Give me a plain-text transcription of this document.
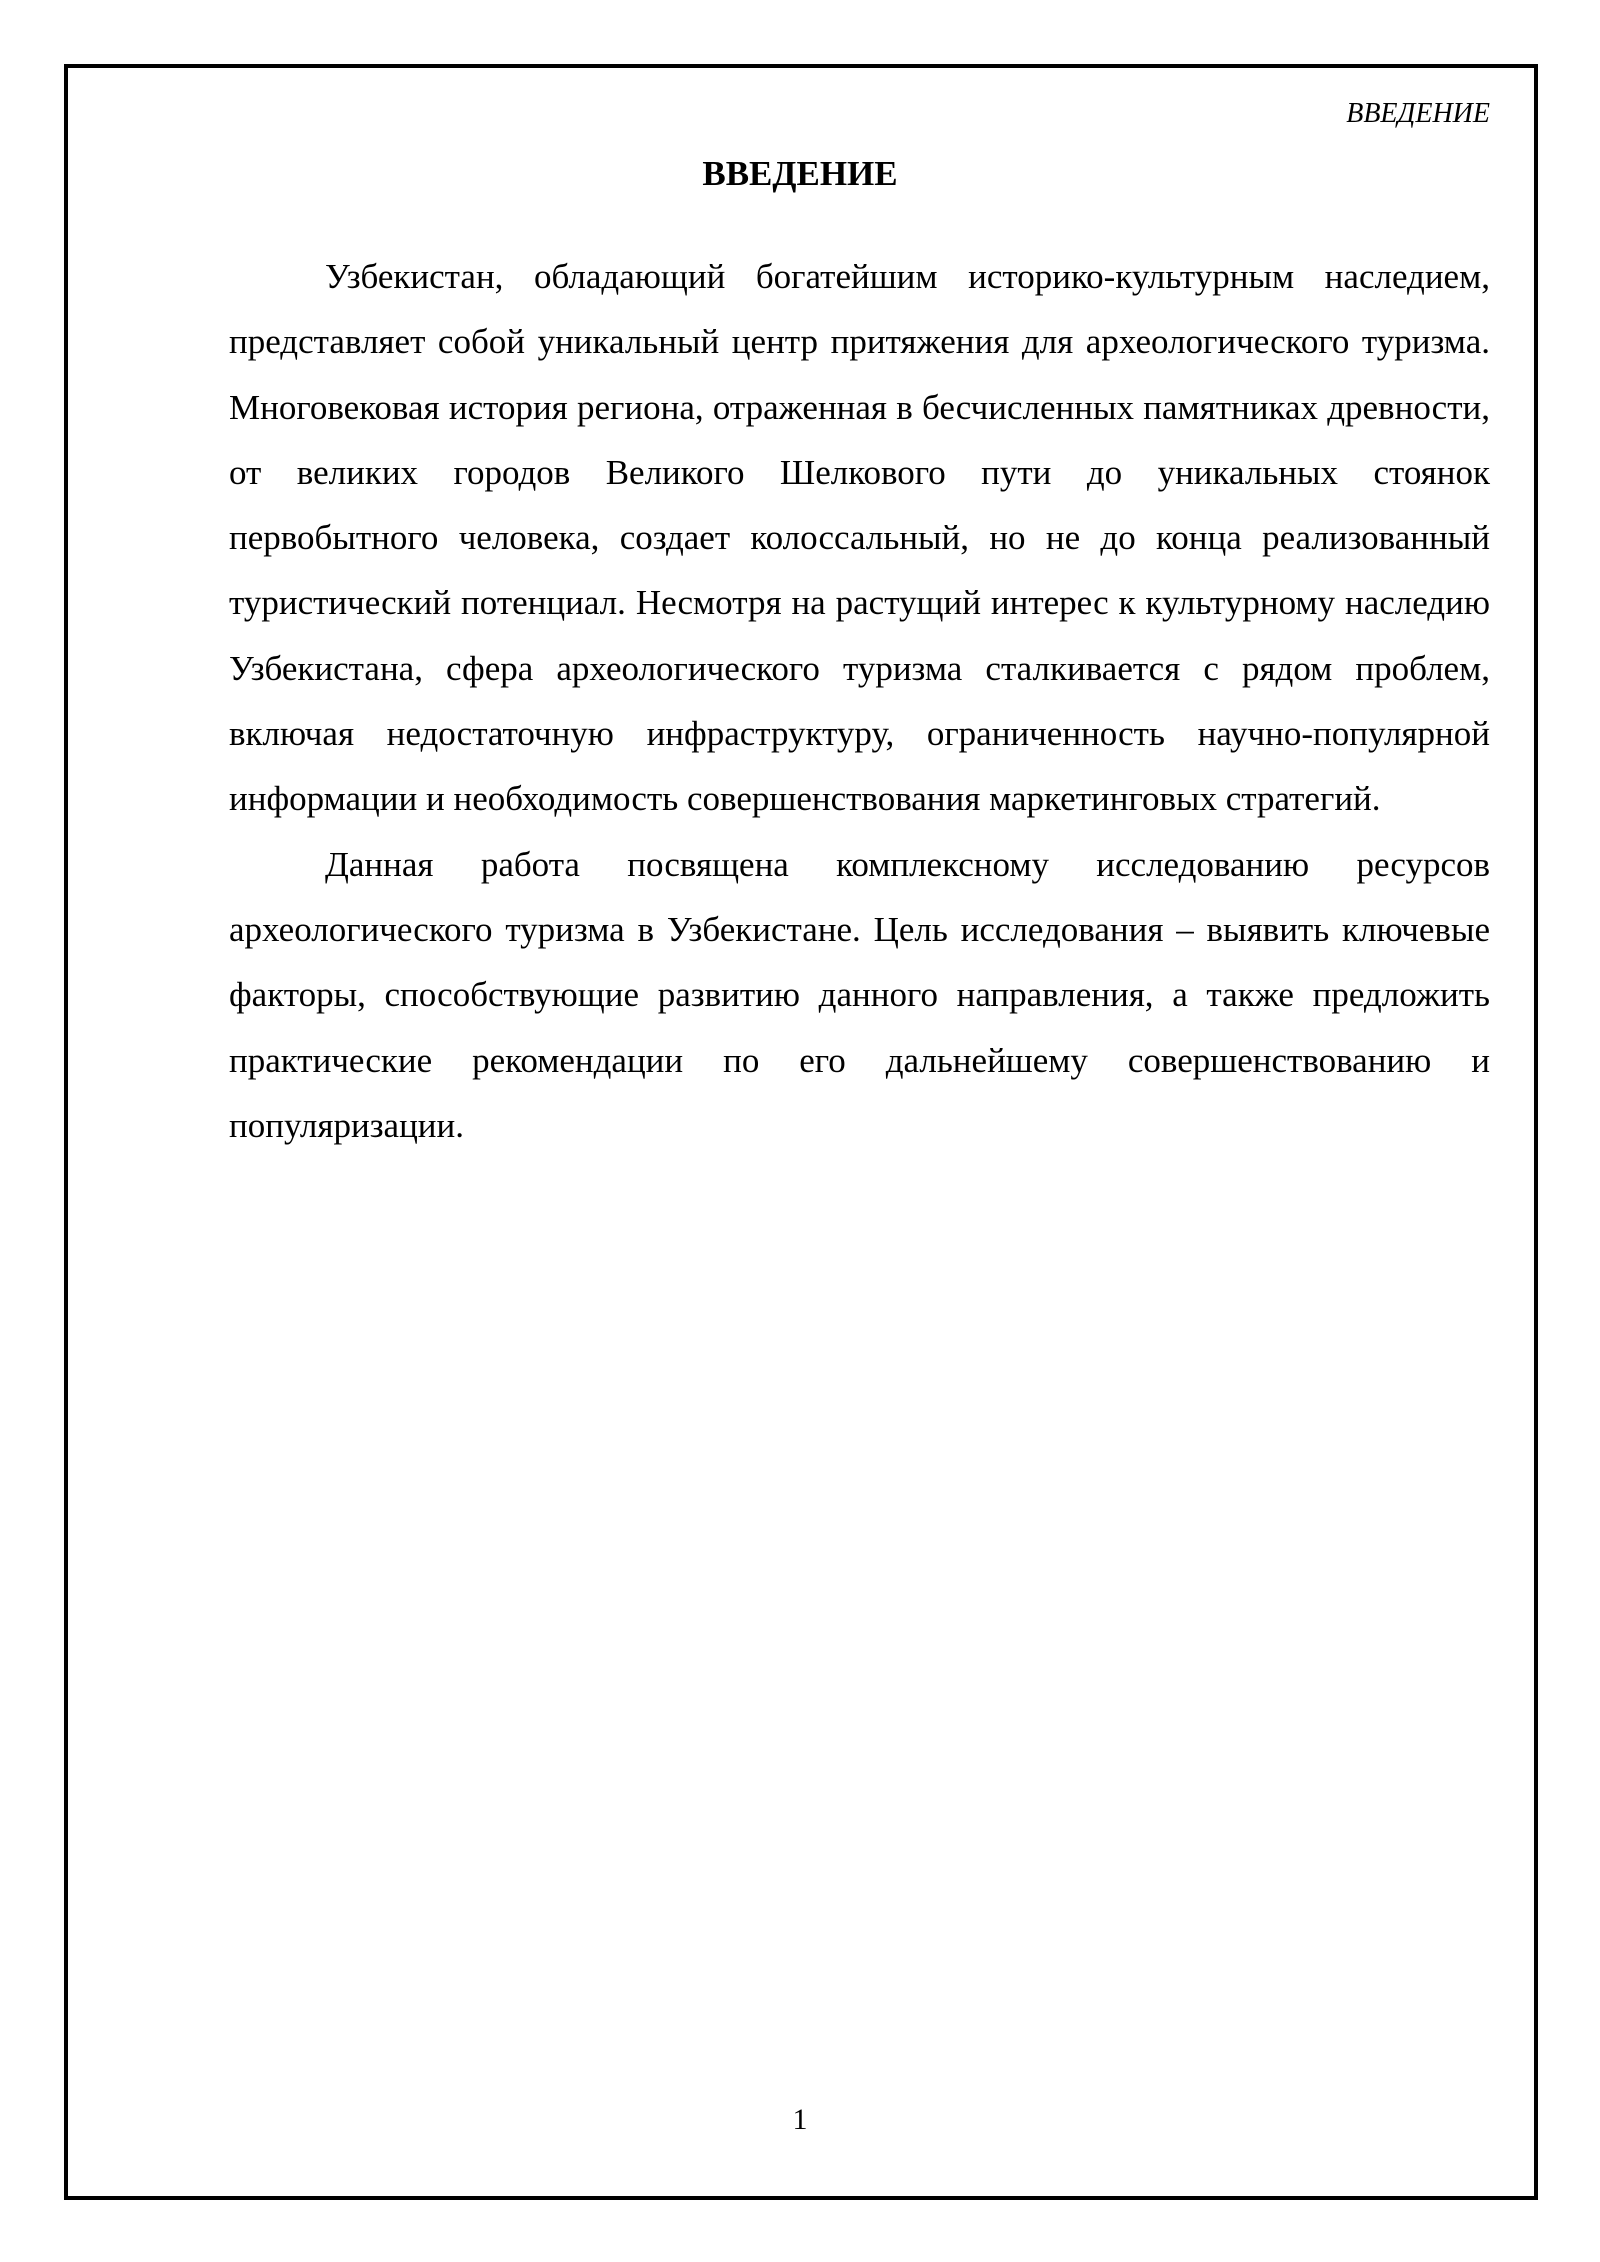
ВВЕДЕНИЕ
ВВЕДЕНИЕ

Узбекистан, обладающий богатейшим историко-культурным наследием, представляет собой уникальный центр притяжения для археологического туризма. Многовековая история региона, отраженная в бесчисленных памятниках древности, от великих городов Великого Шелкового пути до уникальных стоянок первобытного человека, создает колоссальный, но не до конца реализованный туристический потенциал. Несмотря на растущий интерес к культурному наследию Узбекистана, сфера археологического туризма сталкивается с рядом проблем, включая недостаточную инфраструктуру, ограниченность научно-популярной информации и необходимость совершенствования маркетинговых стратегий.

Данная работа посвящена комплексному исследованию ресурсов археологического туризма в Узбекистане. Цель исследования – выявить ключевые факторы, способствующие развитию данного направления, а также предложить практические рекомендации по его дальнейшему совершенствованию и популяризации.

1
